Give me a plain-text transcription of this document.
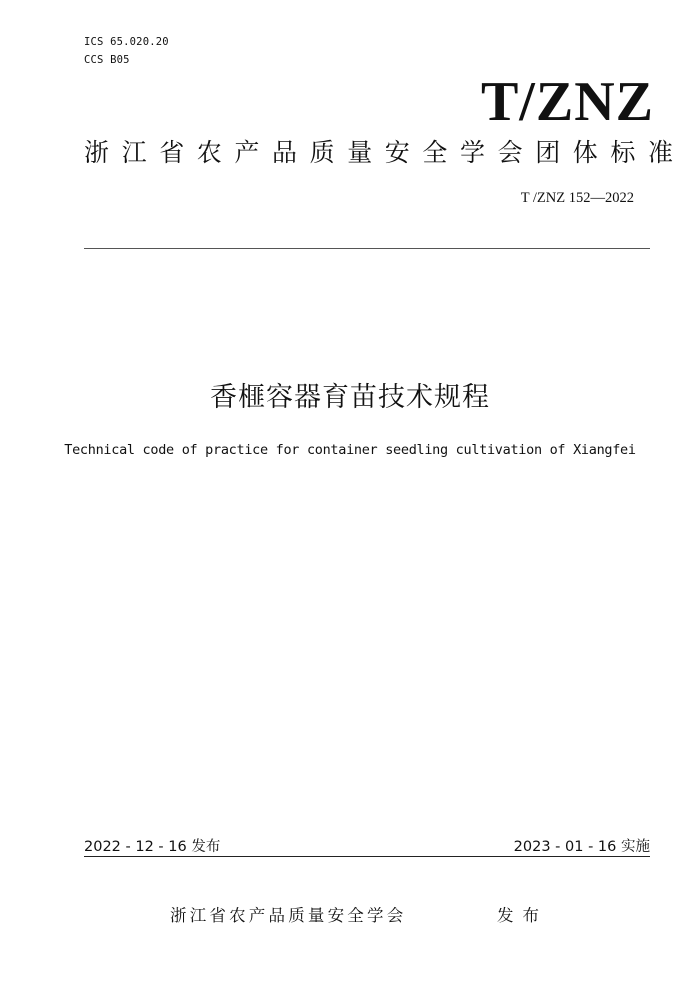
ICS 65.020.20
CCS B05
T/ZNZ
浙江省农产品质量安全学会团体标准
T /ZNZ 152—2022
香榧容器育苗技术规程
Technical code of practice for container seedling cultivation of Xiangfei
2022 - 12 - 16 发布	2023 - 01 - 16 实施
浙江省农产品质量安全学会	发布
